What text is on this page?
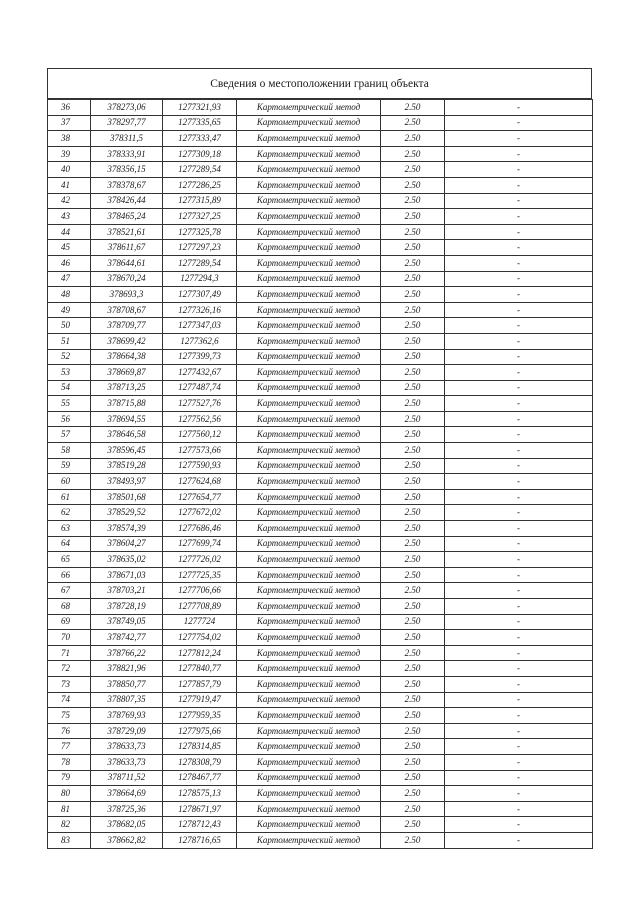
Сведения о местоположении границ объекта
36	378273,06	1277321,93	Картометрический метод	2.50	-
37	378297,77	1277335,65	Картометрический метод	2.50	-
38	378311,5	1277333,47	Картометрический метод	2.50	-
39	378333,91	1277309,18	Картометрический метод	2.50	-
40	378356,15	1277289,54	Картометрический метод	2.50	-
41	378378,67	1277286,25	Картометрический метод	2.50	-
42	378426,44	1277315,89	Картометрический метод	2.50	-
43	378465,24	1277327,25	Картометрический метод	2.50	-
44	378521,61	1277325,78	Картометрический метод	2.50	-
45	378611,67	1277297,23	Картометрический метод	2.50	-
46	378644,61	1277289,54	Картометрический метод	2.50	-
47	378670,24	1277294,3	Картометрический метод	2.50	-
48	378693,3	1277307,49	Картометрический метод	2.50	-
49	378708,67	1277326,16	Картометрический метод	2.50	-
50	378709,77	1277347,03	Картометрический метод	2.50	-
51	378699,42	1277362,6	Картометрический метод	2.50	-
52	378664,38	1277399,73	Картометрический метод	2.50	-
53	378669,87	1277432,67	Картометрический метод	2.50	-
54	378713,25	1277487,74	Картометрический метод	2.50	-
55	378715,88	1277527,76	Картометрический метод	2.50	-
56	378694,55	1277562,56	Картометрический метод	2.50	-
57	378646,58	1277560,12	Картометрический метод	2.50	-
58	378596,45	1277573,66	Картометрический метод	2.50	-
59	378519,28	1277590,93	Картометрический метод	2.50	-
60	378493,97	1277624,68	Картометрический метод	2.50	-
61	378501,68	1277654,77	Картометрический метод	2.50	-
62	378529,52	1277672,02	Картометрический метод	2.50	-
63	378574,39	1277686,46	Картометрический метод	2.50	-
64	378604,27	1277699,74	Картометрический метод	2.50	-
65	378635,02	1277726,02	Картометрический метод	2.50	-
66	378671,03	1277725,35	Картометрический метод	2.50	-
67	378703,21	1277706,66	Картометрический метод	2.50	-
68	378728,19	1277708,89	Картометрический метод	2.50	-
69	378749,05	1277724	Картометрический метод	2.50	-
70	378742,77	1277754,02	Картометрический метод	2.50	-
71	378766,22	1277812,24	Картометрический метод	2.50	-
72	378821,96	1277840,77	Картометрический метод	2.50	-
73	378850,77	1277857,79	Картометрический метод	2.50	-
74	378807,35	1277919,47	Картометрический метод	2.50	-
75	378769,93	1277959,35	Картометрический метод	2.50	-
76	378729,09	1277975,66	Картометрический метод	2.50	-
77	378633,73	1278314,85	Картометрический метод	2.50	-
78	378633,73	1278308,79	Картометрический метод	2.50	-
79	378711,52	1278467,77	Картометрический метод	2.50	-
80	378664,69	1278575,13	Картометрический метод	2.50	-
81	378725,36	1278671,97	Картометрический метод	2.50	-
82	378682,05	1278712,43	Картометрический метод	2.50	-
83	378662,82	1278716,65	Картометрический метод	2.50	-
